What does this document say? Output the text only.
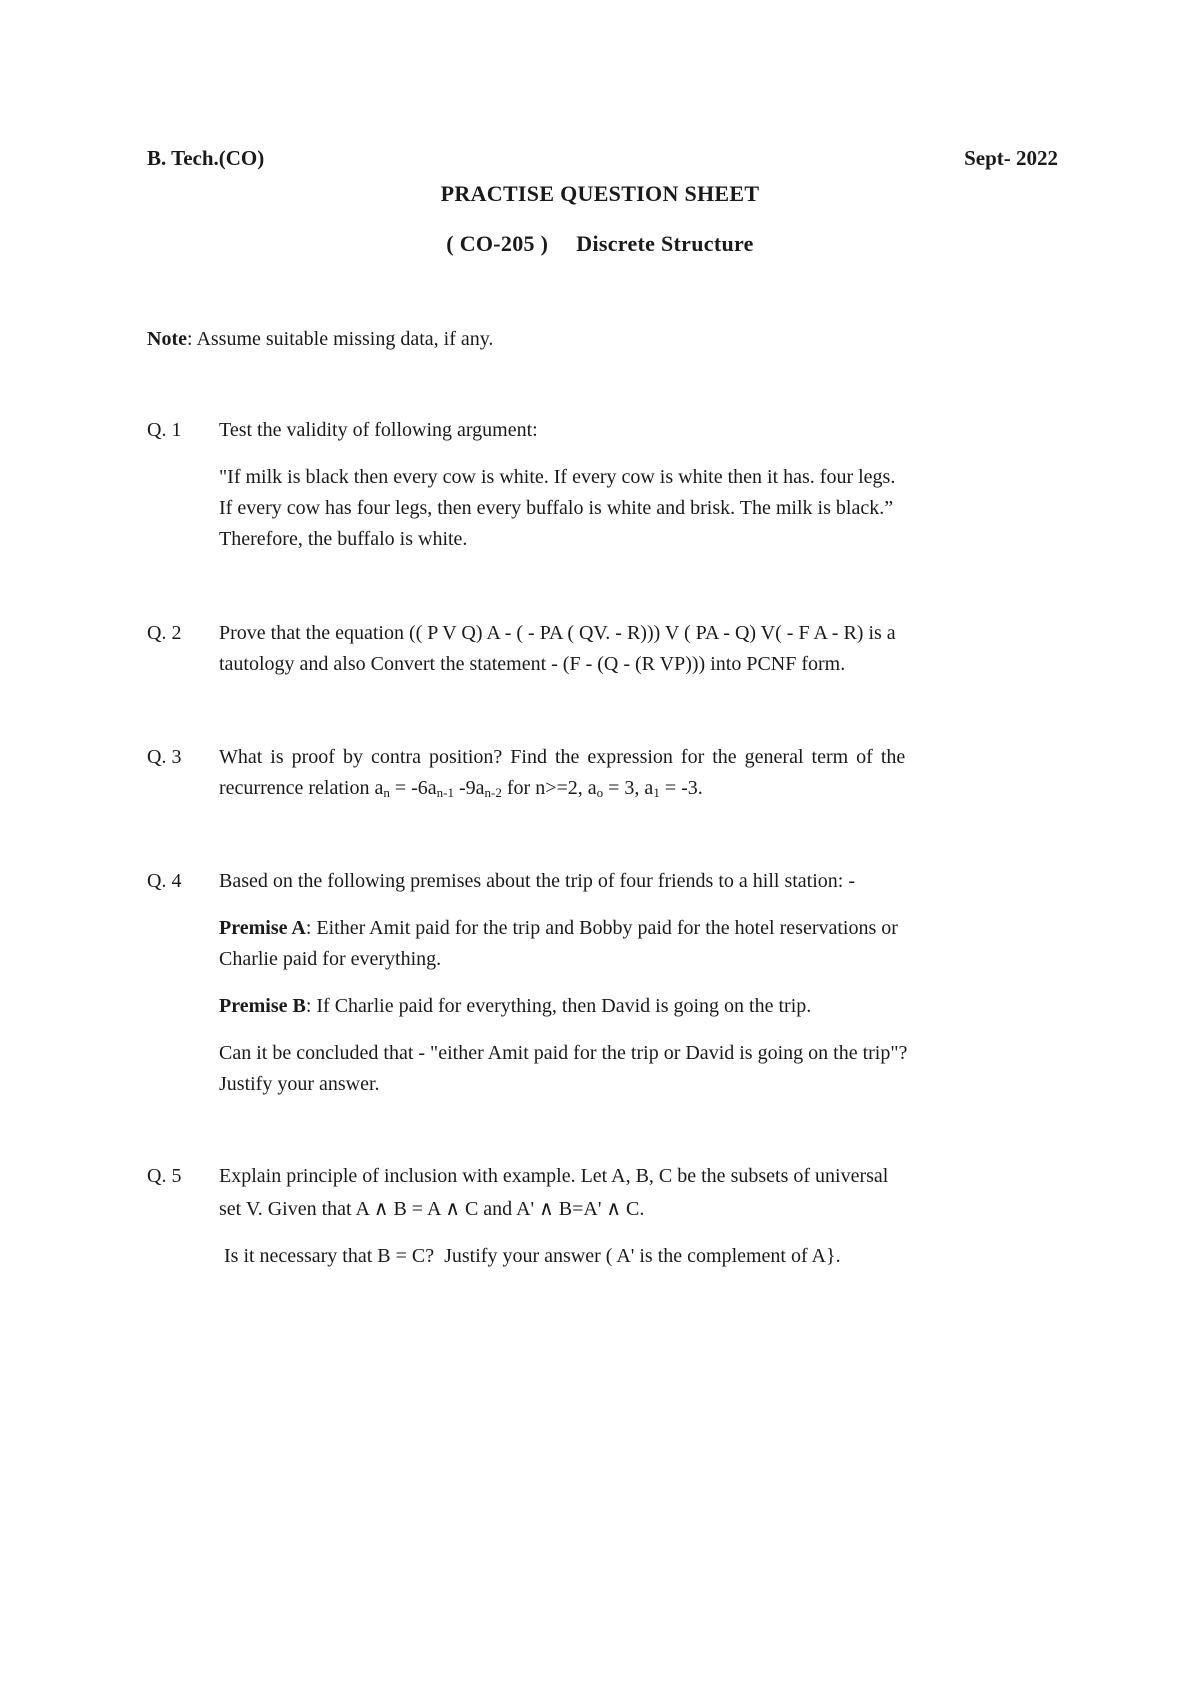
B. Tech.(CO)	Sept- 2022
PRACTISE QUESTION SHEET
( CO-205 ) Discrete Structure
Note: Assume suitable missing data, if any.
Q. 1 Test the validity of following argument:

"If milk is black then every cow is white. If every cow is white then it has. four legs.

If every cow has four legs, then every buffalo is white and brisk. The milk is black.”

Therefore, the buffalo is white.

Q. 2 Prove that the equation (( P V Q) A - ( - PA ( QV. - R))) V ( PA - Q) V( - F A - R) is a

tautology and also Convert the statement - (F - (Q - (R VP))) into PCNF form.

Q. 3 What is proof by contra position? Find the expression for the general term of the

recurrence relation $a_n = -6a_{n-1}$ $-9a_{n-2}$ for n>=2, $a_o = 3$, $a_1 = -3$.

Q. 4 Based on the following premises about the trip of four friends to a hill station: -

Premise A: Either Amit paid for the trip and Bobby paid for the hotel reservations or

Charlie paid for everything.

Premise B: If Charlie paid for everything, then David is going on the trip.

Can it be concluded that - "either Amit paid for the trip or David is going on the trip"?

Justify your answer.

Q. 5 Explain principle of inclusion with example. Let A, B, C be the subsets of universal

set V. Given that A ∧ B = A ∧ C and A' ∧ B=A' ∧ C.

Is it necessary that B = C?  Justify your answer ( A' is the complement of A}.
